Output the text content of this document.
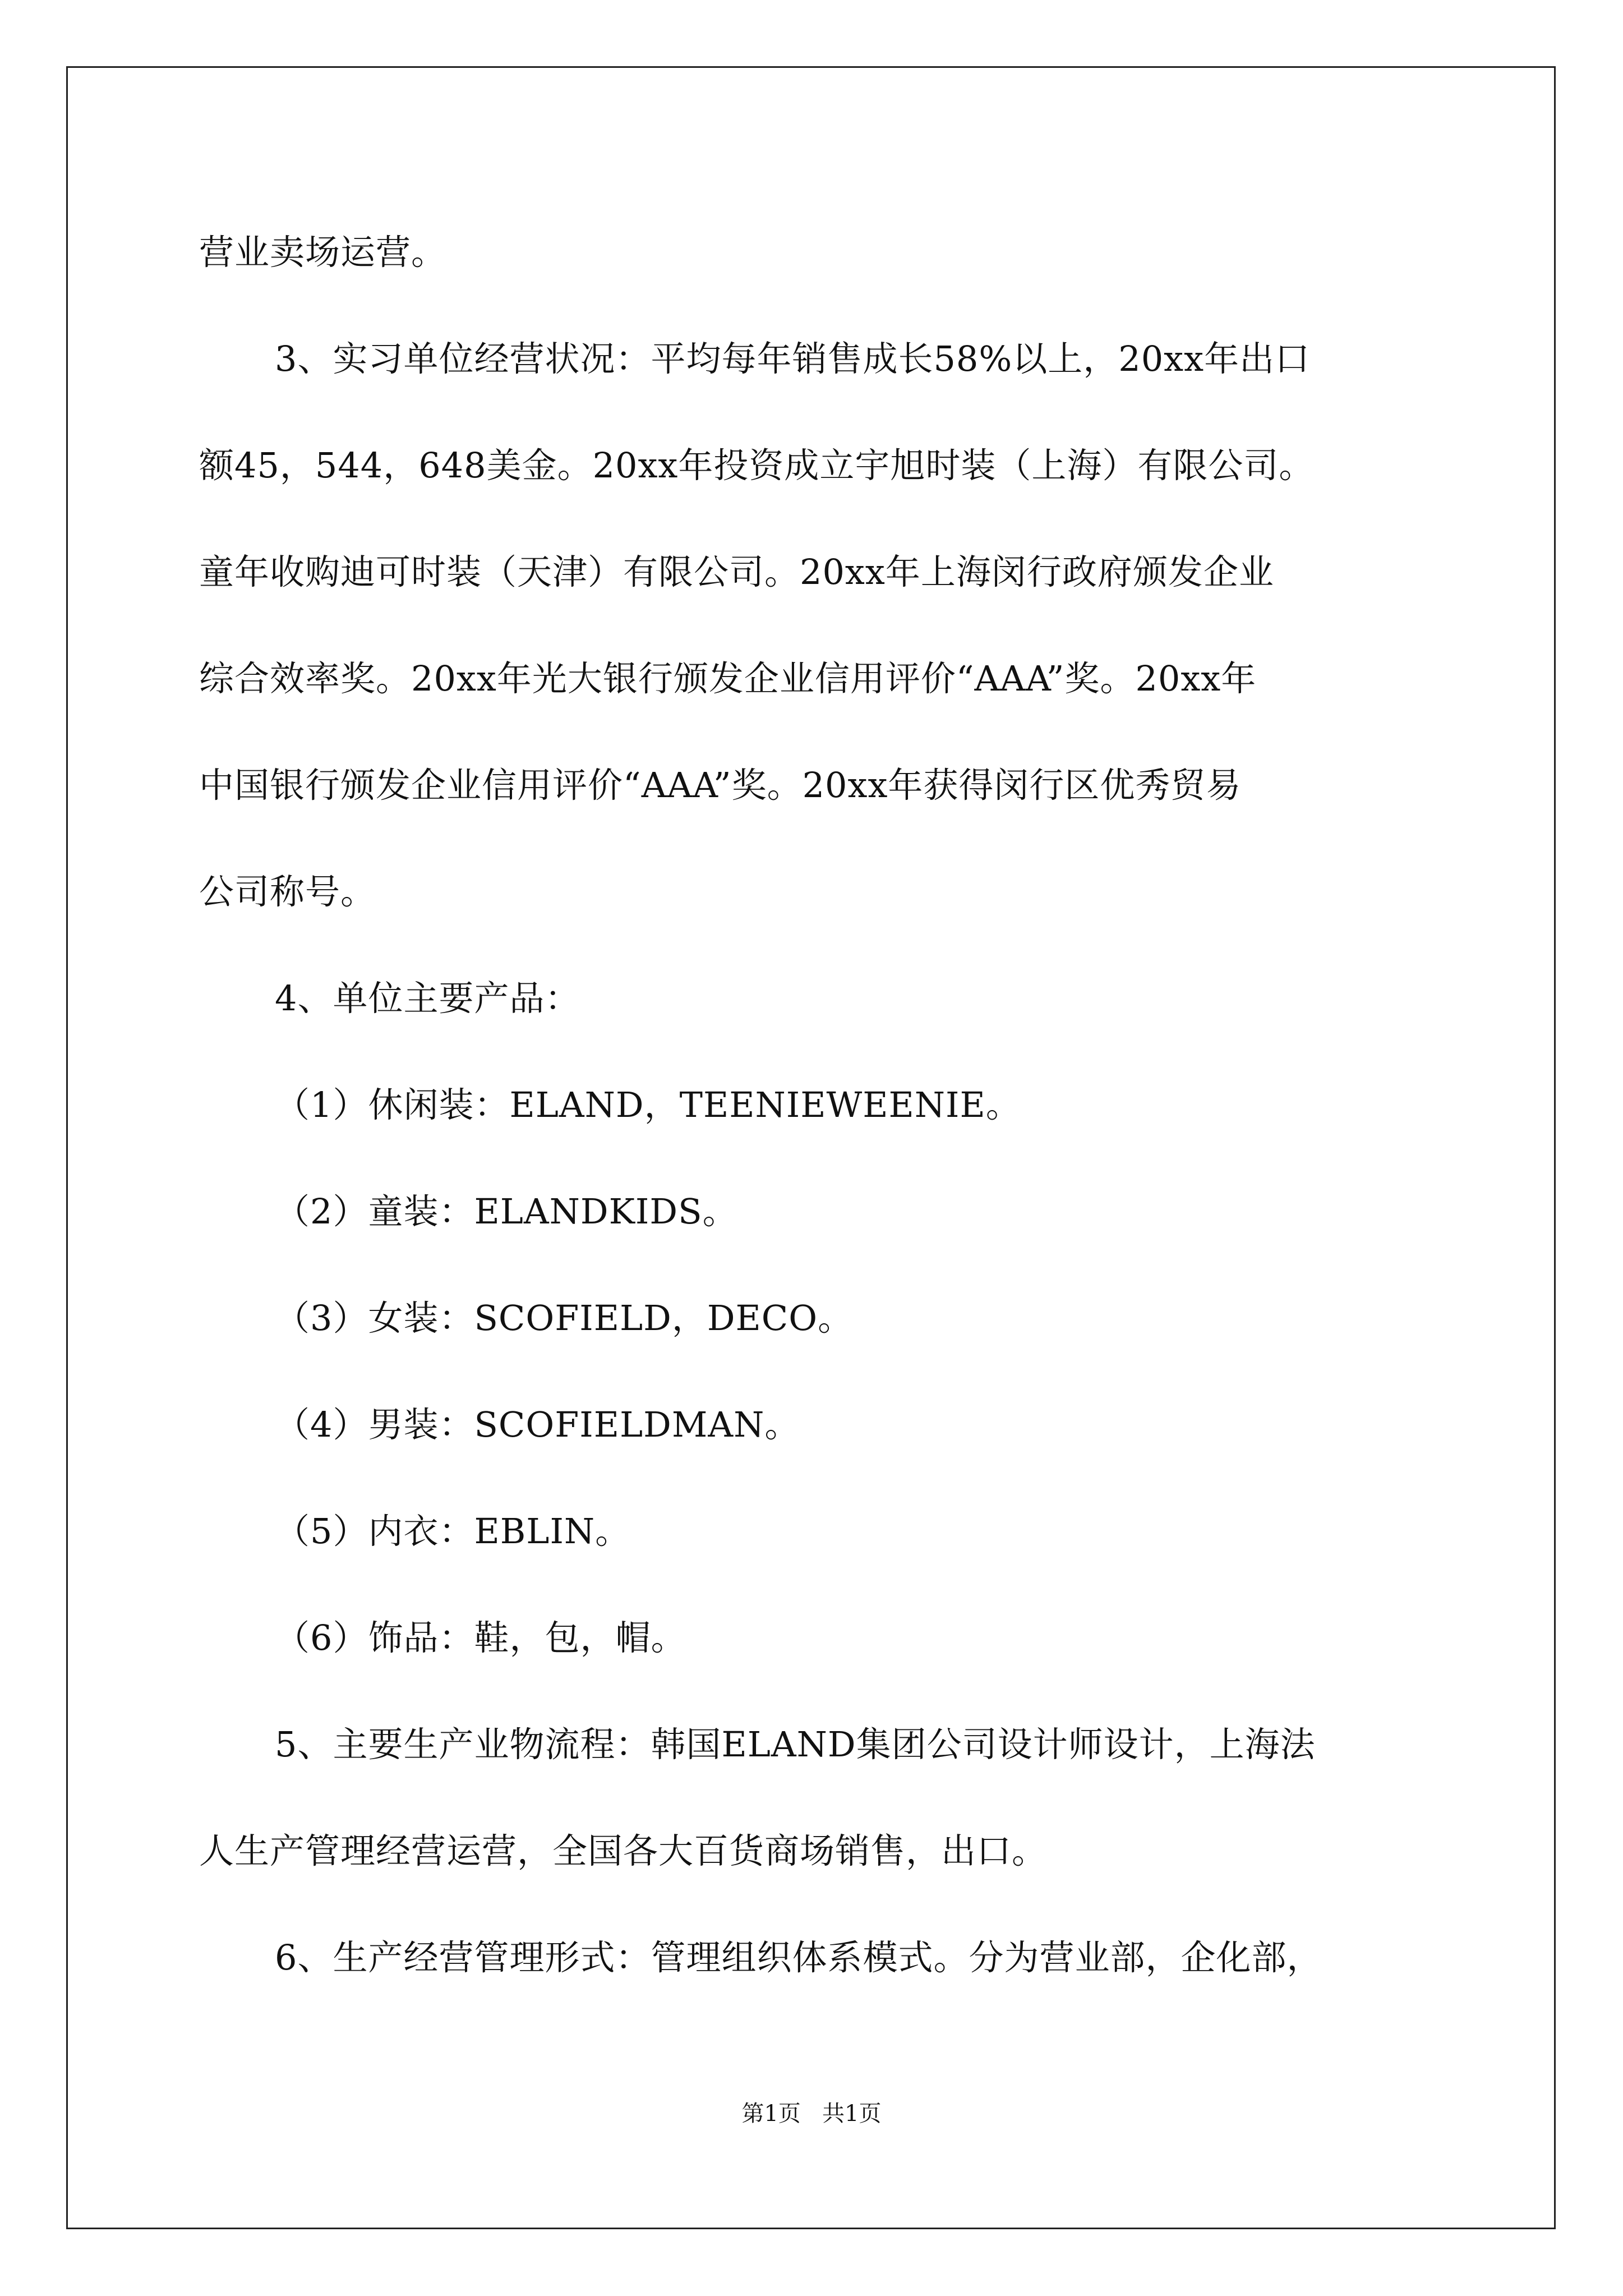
营业卖场运营。
3、实习单位经营状况：平均每年销售成长58%以上，20xx年出口
额45，544，648美金。20xx年投资成立宇旭时装（上海）有限公司。
童年收购迪可时装（天津）有限公司。20xx年上海闵行政府颁发企业
综合效率奖。20xx年光大银行颁发企业信用评价“AAA”奖。20xx年
中国银行颁发企业信用评价“AAA”奖。20xx年获得闵行区优秀贸易
公司称号。
4、单位主要产品：
（1）休闲装：ELAND，TEENIEWEENIE。
（2）童装：ELANDKIDS。
（3）女装：SCOFIELD，DECO。
（4）男装：SCOFIELDMAN。
（5）内衣：EBLIN。
（6）饰品：鞋，包，帽。
5、主要生产业物流程：韩国ELAND集团公司设计师设计，上海法
人生产管理经营运营，全国各大百货商场销售，出口。
6、生产经营管理形式：管理组织体系模式。分为营业部，企化部，
第1页   共1页
